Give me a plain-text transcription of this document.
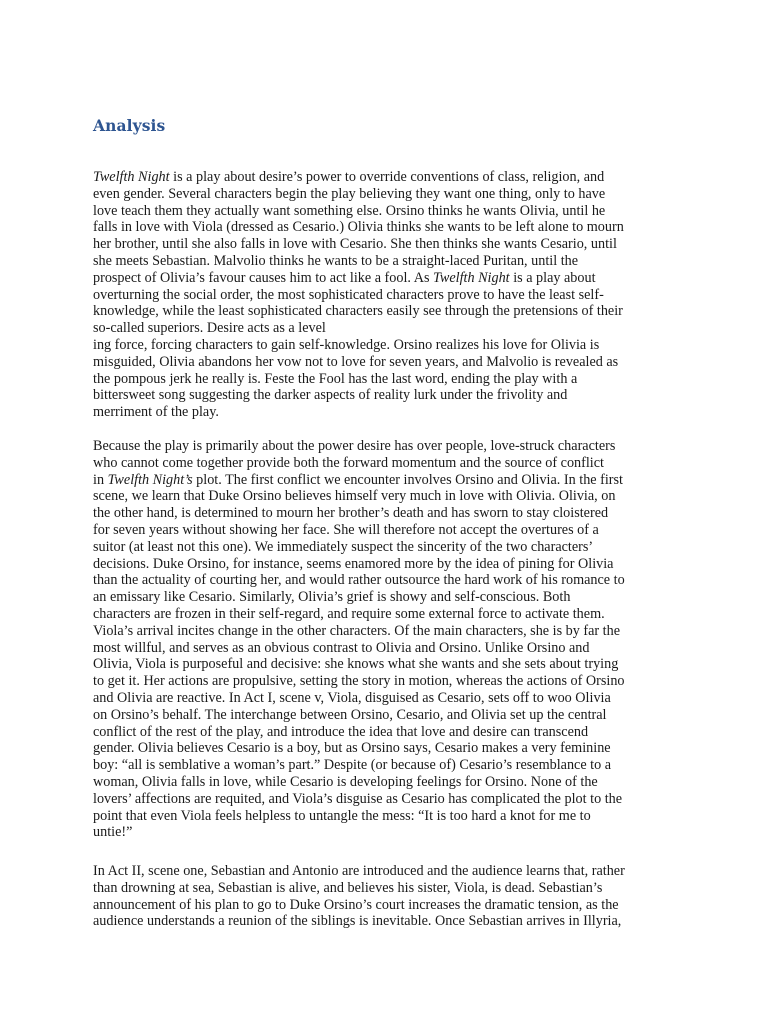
Analysis
Twelfth Night is a play about desire’s power to override conventions of class, religion, and
even gender. Several characters begin the play believing they want one thing, only to have
love teach them they actually want something else. Orsino thinks he wants Olivia, until he
falls in love with Viola (dressed as Cesario.) Olivia thinks she wants to be left alone to mourn
her brother, until she also falls in love with Cesario. She then thinks she wants Cesario, until
she meets Sebastian. Malvolio thinks he wants to be a straight-laced Puritan, until the
prospect of Olivia’s favour causes him to act like a fool. As Twelfth Night is a play about
overturning the social order, the most sophisticated characters prove to have the least self-
knowledge, while the least sophisticated characters easily see through the pretensions of their
so-called superiors. Desire acts as a level
ing force, forcing characters to gain self-knowledge. Orsino realizes his love for Olivia is
misguided, Olivia abandons her vow not to love for seven years, and Malvolio is revealed as
the pompous jerk he really is. Feste the Fool has the last word, ending the play with a
bittersweet song suggesting the darker aspects of reality lurk under the frivolity and
merriment of the play.
Because the play is primarily about the power desire has over people, love-struck characters
who cannot come together provide both the forward momentum and the source of conflict
in Twelfth Night’s plot. The first conflict we encounter involves Orsino and Olivia. In the first
scene, we learn that Duke Orsino believes himself very much in love with Olivia. Olivia, on
the other hand, is determined to mourn her brother’s death and has sworn to stay cloistered
for seven years without showing her face. She will therefore not accept the overtures of a
suitor (at least not this one). We immediately suspect the sincerity of the two characters’
decisions. Duke Orsino, for instance, seems enamored more by the idea of pining for Olivia
than the actuality of courting her, and would rather outsource the hard work of his romance to
an emissary like Cesario. Similarly, Olivia’s grief is showy and self-conscious. Both
characters are frozen in their self-regard, and require some external force to activate them.
Viola’s arrival incites change in the other characters. Of the main characters, she is by far the
most willful, and serves as an obvious contrast to Olivia and Orsino. Unlike Orsino and
Olivia, Viola is purposeful and decisive: she knows what she wants and she sets about trying
to get it. Her actions are propulsive, setting the story in motion, whereas the actions of Orsino
and Olivia are reactive. In Act I, scene v, Viola, disguised as Cesario, sets off to woo Olivia
on Orsino’s behalf. The interchange between Orsino, Cesario, and Olivia set up the central
conflict of the rest of the play, and introduce the idea that love and desire can transcend
gender. Olivia believes Cesario is a boy, but as Orsino says, Cesario makes a very feminine
boy: “all is semblative a woman’s part.” Despite (or because of) Cesario’s resemblance to a
woman, Olivia falls in love, while Cesario is developing feelings for Orsino. None of the
lovers’ affections are requited, and Viola’s disguise as Cesario has complicated the plot to the
point that even Viola feels helpless to untangle the mess: “It is too hard a knot for me to
untie!”
In Act II, scene one, Sebastian and Antonio are introduced and the audience learns that, rather
than drowning at sea, Sebastian is alive, and believes his sister, Viola, is dead. Sebastian’s
announcement of his plan to go to Duke Orsino’s court increases the dramatic tension, as the
audience understands a reunion of the siblings is inevitable. Once Sebastian arrives in Illyria,
